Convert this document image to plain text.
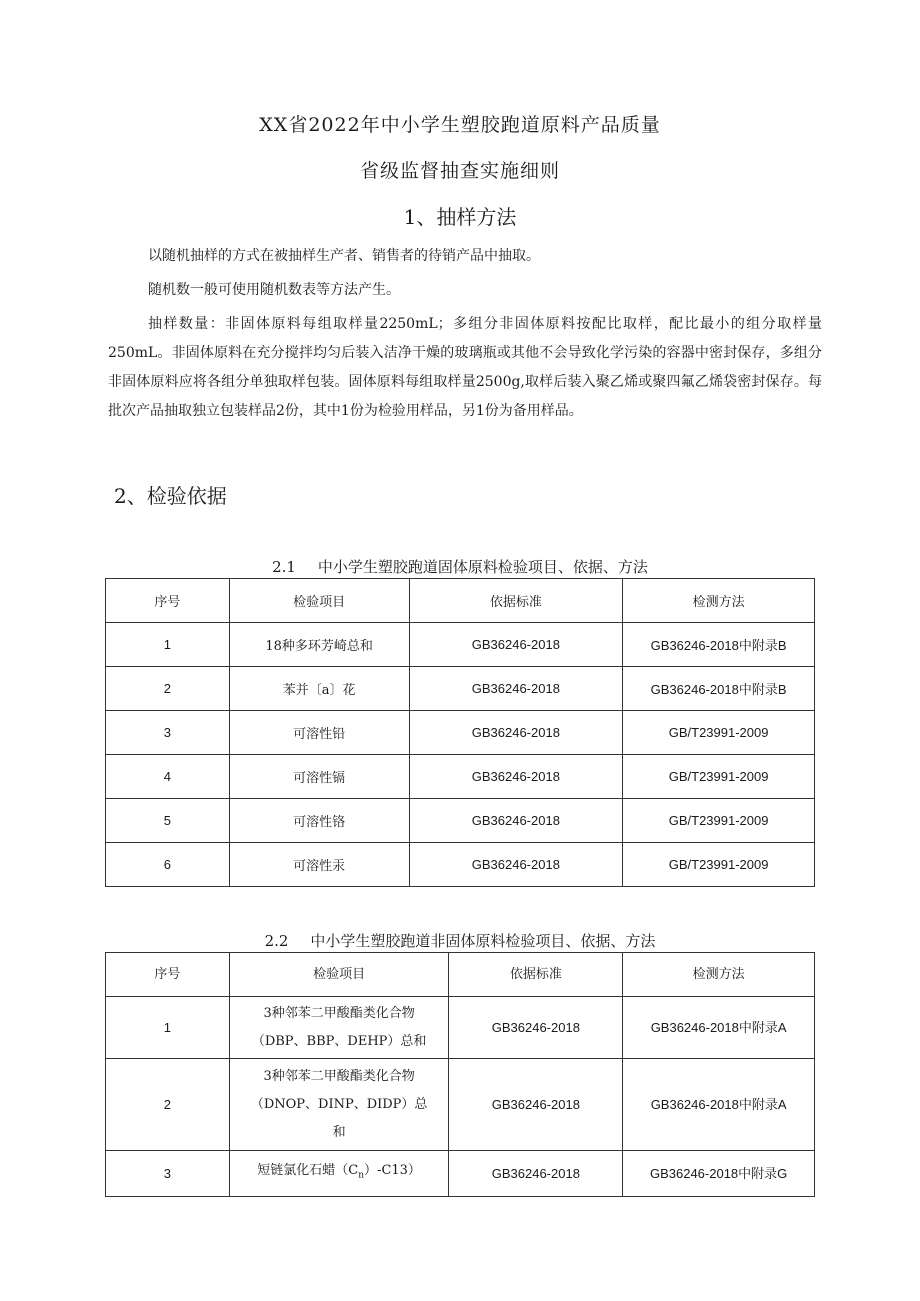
XX省2022年中小学生塑胶跑道原料产品质量
省级监督抽查实施细则
1、抽样方法
以随机抽样的方式在被抽样生产者、销售者的待销产品中抽取。
随机数一般可使用随机数表等方法产生。
抽样数量：非固体原料每组取样量2250mL；多组分非固体原料按配比取样，配比最小的组分取样量250mL。非固体原料在充分搅拌均匀后装入洁净干燥的玻璃瓶或其他不会导致化学污染的容器中密封保存，多组分非固体原料应将各组分单独取样包装。固体原料每组取样量2500g,取样后装入聚乙烯或聚四氟乙烯袋密封保存。每批次产品抽取独立包装样品2份，其中1份为检验用样品，另1份为备用样品。
2、检验依据
2.1 中小学生塑胶跑道固体原料检验项目、依据、方法
序号	检验项目	依据标准	检测方法
1	18种多环芳崎总和	GB36246-2018	GB36246-2018中附录B
2	苯并〔a〕花	GB36246-2018	GB36246-2018中附录B
3	可溶性铅	GB36246-2018	GB/T23991-2009
4	可溶性镉	GB36246-2018	GB/T23991-2009
5	可溶性铬	GB36246-2018	GB/T23991-2009
6	可溶性汞	GB36246-2018	GB/T23991-2009
2.2 中小学生塑胶跑道非固体原料检验项目、依据、方法
序号	检验项目	依据标准	检测方法
1	3种邻苯二甲酸酯类化合物
（DBP、BBP、DEHP）总和	GB36246-2018	GB36246-2018中附录A
2	3种邻苯二甲酸酯类化合物
（DNOP、DINP、DIDP）总
和	GB36246-2018	GB36246-2018中附录A
3	短链氯化石蜡$(C_n)-C13$）	GB36246-2018	GB36246-2018中附录G
